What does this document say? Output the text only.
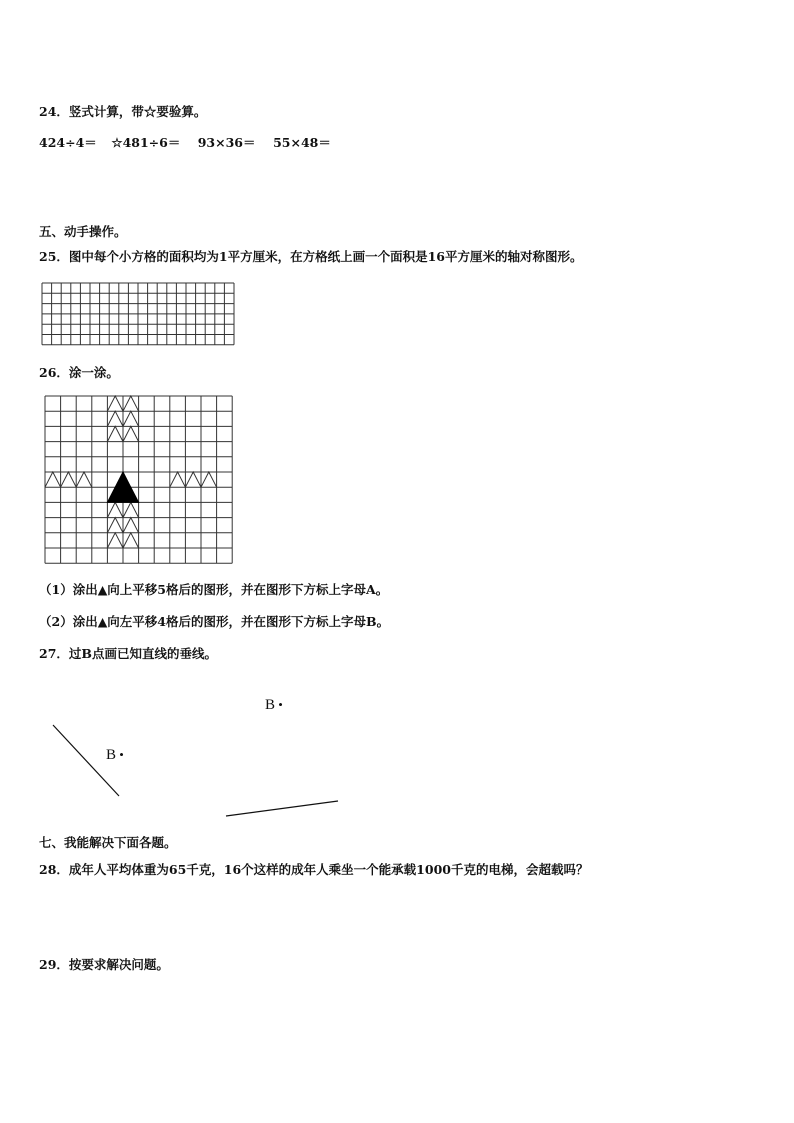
24．竖式计算，带☆要验算。
424÷4＝ ☆481÷6＝ 93×36＝ 55×48＝
五、动手操作。
25．图中每个小方格的面积均为1平方厘米，在方格纸上画一个面积是16平方厘米的轴对称图形。
26．涂一涂。
（1）涂出▲向上平移5格后的图形，并在图形下方标上字母A。
（2）涂出▲向左平移4格后的图形，并在图形下方标上字母B。
27．过B点画已知直线的垂线。
B •
B •
七、我能解决下面各题。
28．成年人平均体重为65千克，16个这样的成年人乘坐一个能承载1000千克的电梯，会超载吗？
29．按要求解决问题。
